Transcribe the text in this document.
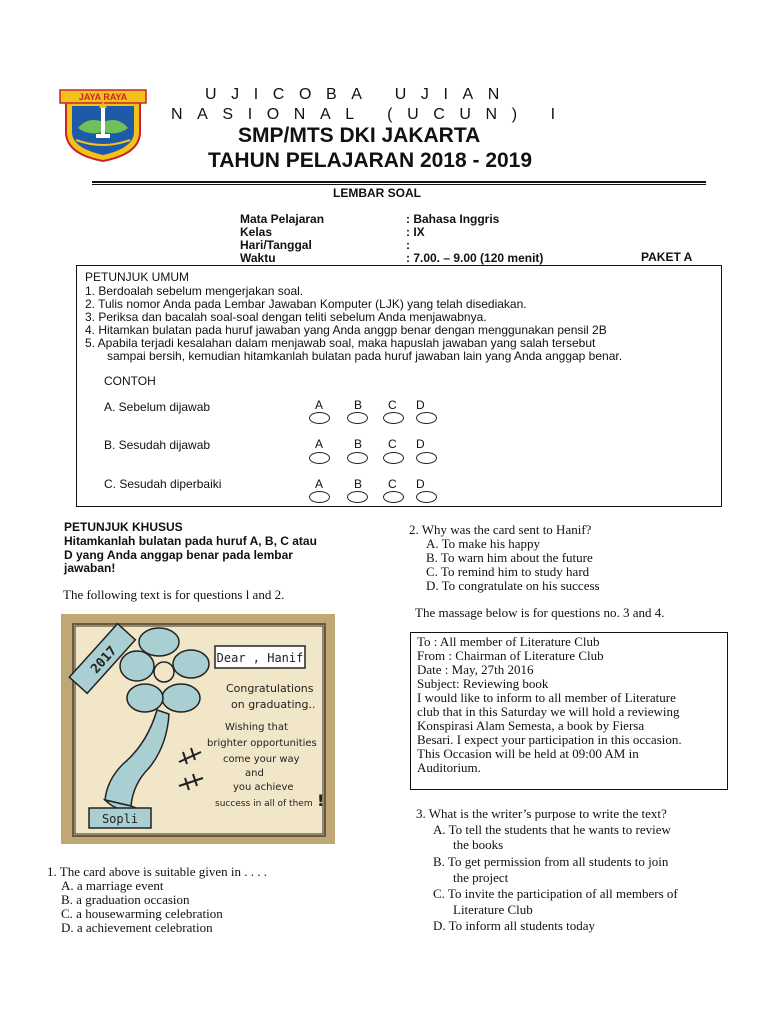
JAYA RAYA	UJICOBA UJIAN
NASIONAL (UCUN) I
SMP/MTS DKI JAKARTA
TAHUN PELAJARAN 2018 - 2019
LEMBAR SOAL
Mata Pelajaran	: Bahasa Inggris
Kelas	: IX
Hari/Tanggal	:
Waktu	: 7.00. – 9.00 (120 menit)	PAKET A
PETUNJUK UMUM
1. Berdoalah sebelum mengerjakan soal.
2. Tulis nomor Anda pada Lembar Jawaban Komputer (LJK) yang telah disediakan.
3. Periksa dan bacalah soal-soal dengan teliti sebelum Anda menjawabnya.
4. Hitamkan bulatan pada huruf jawaban yang Anda anggp benar dengan menggunakan pensil 2B
5. Apabila terjadi kesalahan dalam menjawab soal, maka hapuslah jawaban yang salah tersebut
sampai bersih, kemudian hitamkanlah bulatan pada huruf jawaban lain yang Anda anggap benar.
CONTOH
A. Sebelum dijawab	A	B C D
B. Sesudah dijawab	A	B C D
C. Sesudah diperbaiki	A	B C D
PETUNJUK KHUSUS
Hitamkanlah bulatan pada huruf A, B, C atau
D yang Anda anggap benar pada lembar
jawaban!
The following text is for questions l and 2.
2017	Dear , Hanif
Congratulations
on graduating..
Wishing that
brighter opportunities
come your way
and
you achieve
success in all of them !
Sopli
1. The card above is suitable given in . . . .
A. a marriage event
B. a graduation occasion
C. a housewarming celebration
D. a achievement celebration
2. Why was the card sent to Hanif?
A. To make his happy
B. To warn him about the future
C. To remind him to study hard
D. To congratulate on his success
The massage below is for questions no. 3 and 4.
To : All member of Literature Club
From : Chairman of Literature Club
Date : May, 27th 2016
Subject: Reviewing book
I would like to inform to all member of Literature
club that in this Saturday we will hold a reviewing
Konspirasi Alam Semesta, a book by Fiersa
Besari. I expect your participation in this occasion.
This Occasion will be held at 09:00 AM in
Auditorium.
3. What is the writer’s purpose to write the text?
A. To tell the students that he wants to review
the books
B. To get permission from all students to join
the project
C. To invite the participation of all members of
Literature Club
D. To inform all students today
